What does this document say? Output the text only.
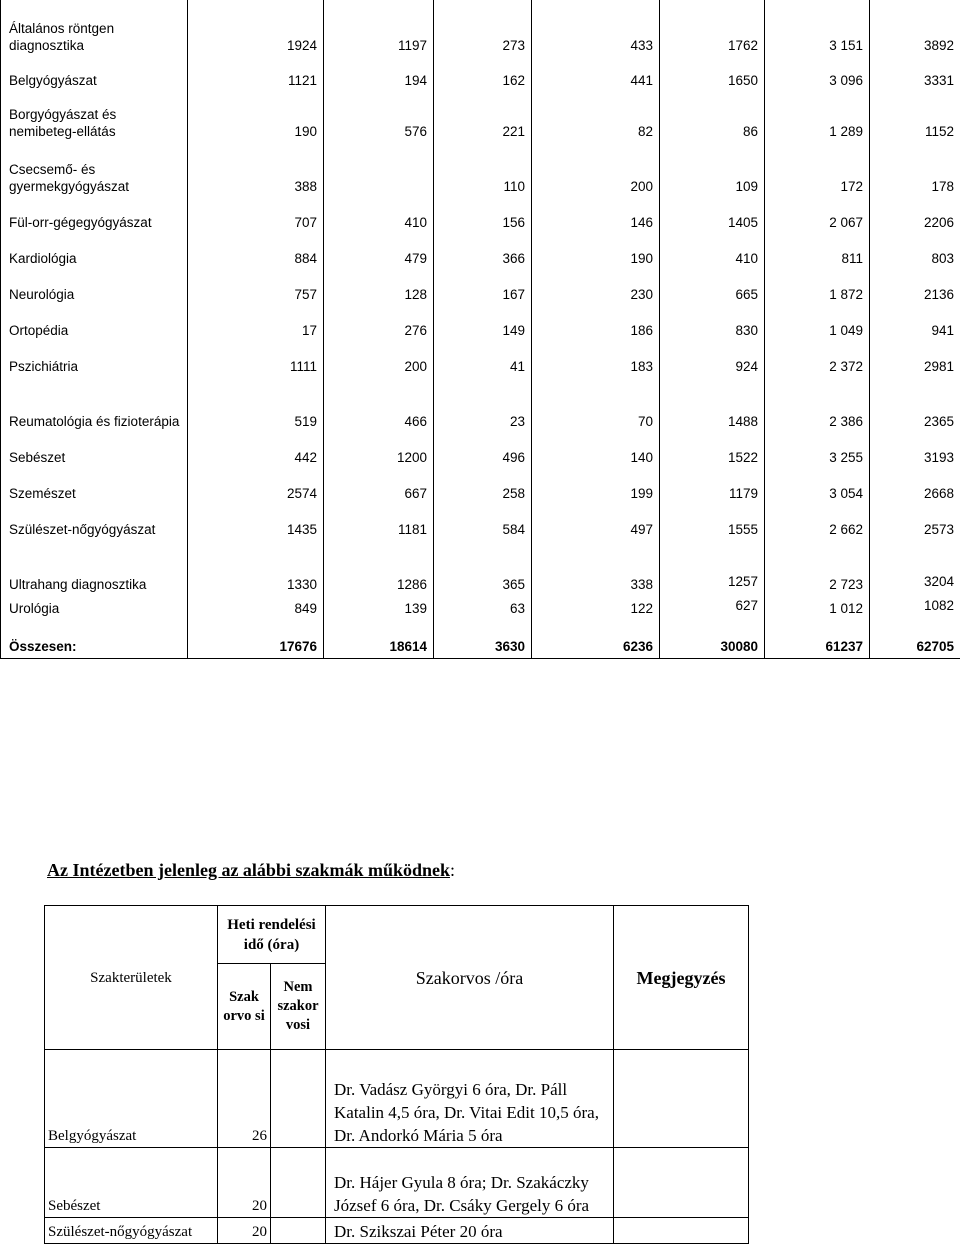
Általános röntgen diagnosztika	1924	1197	273	433	1762	3 151	3892
Belgyógyászat	1121	194	162	441	1650	3 096	3331
Borgyógyászat és nemibeteg-ellátás	190	576	221	82	86	1 289	1152
Csecsemő- és gyermekgyógyászat	388		110	200	109	172	178
Fül-orr-gégegyógyászat	707	410	156	146	1405	2 067	2206
Kardiológia	884	479	366	190	410	811	803
Neurológia	757	128	167	230	665	1 872	2136
Ortopédia	17	276	149	186	830	1 049	941
Pszichiátria	1111	200	41	183	924	2 372	2981
Reumatológia és fizioterápia	519	466	23	70	1488	2 386	2365
Sebészet	442	1200	496	140	1522	3 255	3193
Szemészet	2574	667	258	199	1179	3 054	2668
Szülészet-nőgyógyászat	1435	1181	584	497	1555	2 662	2573
Ultrahang diagnosztika	1330	1286	365	338	1257	2 723	3204
Urológia	849	139	63	122	627	1 012	1082
Összesen:	17676	18614	3630	6236	30080	61237	62705
Az Intézetben jelenleg az alábbi szakmák működnek:
Szakterületek	Heti rendelési idő (óra)		Szakorvos /óra	Megjegyzés
	Szak orvo si	Nem szakor vosi		
Belgyógyászat	26		Dr. Vadász Györgyi 6 óra, Dr. Páll Katalin 4,5 óra, Dr. Vitai Edit 10,5 óra, Dr. Andorkó Mária 5 óra	
Sebészet	20		Dr. Hájer Gyula 8 óra; Dr. Szakáczky József 6 óra, Dr. Csáky Gergely 6 óra	
Szülészet-nőgyógyászat	20		Dr. Szikszai Péter 20 óra	
